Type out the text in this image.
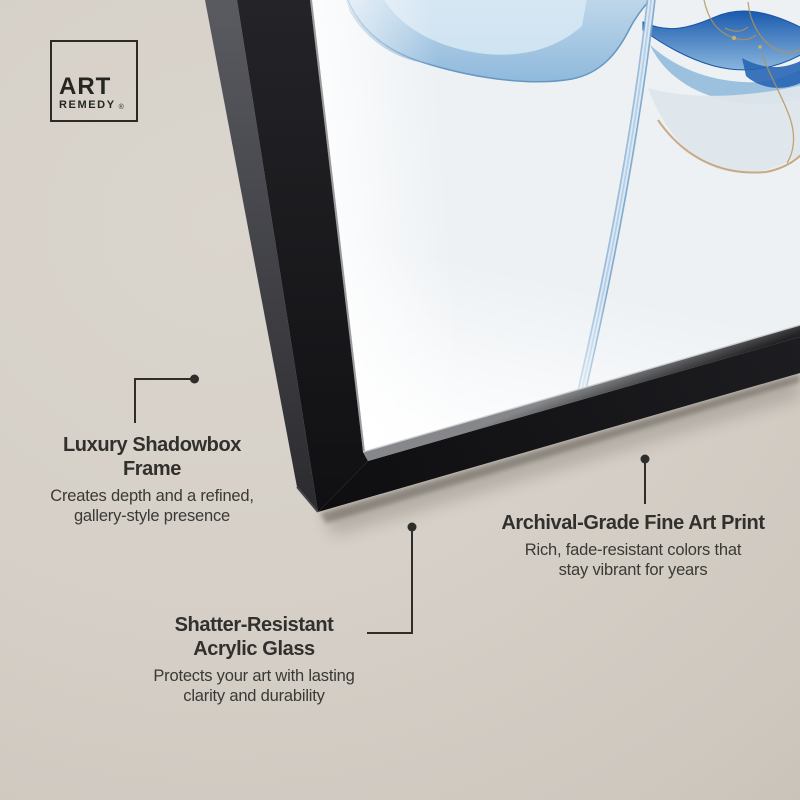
ART
REMEDY ®
Luxury Shadowbox
Frame
Creates depth and a refined,
gallery-style presence	Archival-Grade Fine Art Print
Rich, fade-resistant colors that
stay vibrant for years
Shatter-Resistant
Acrylic Glass
Protects your art with lasting
clarity and durability
